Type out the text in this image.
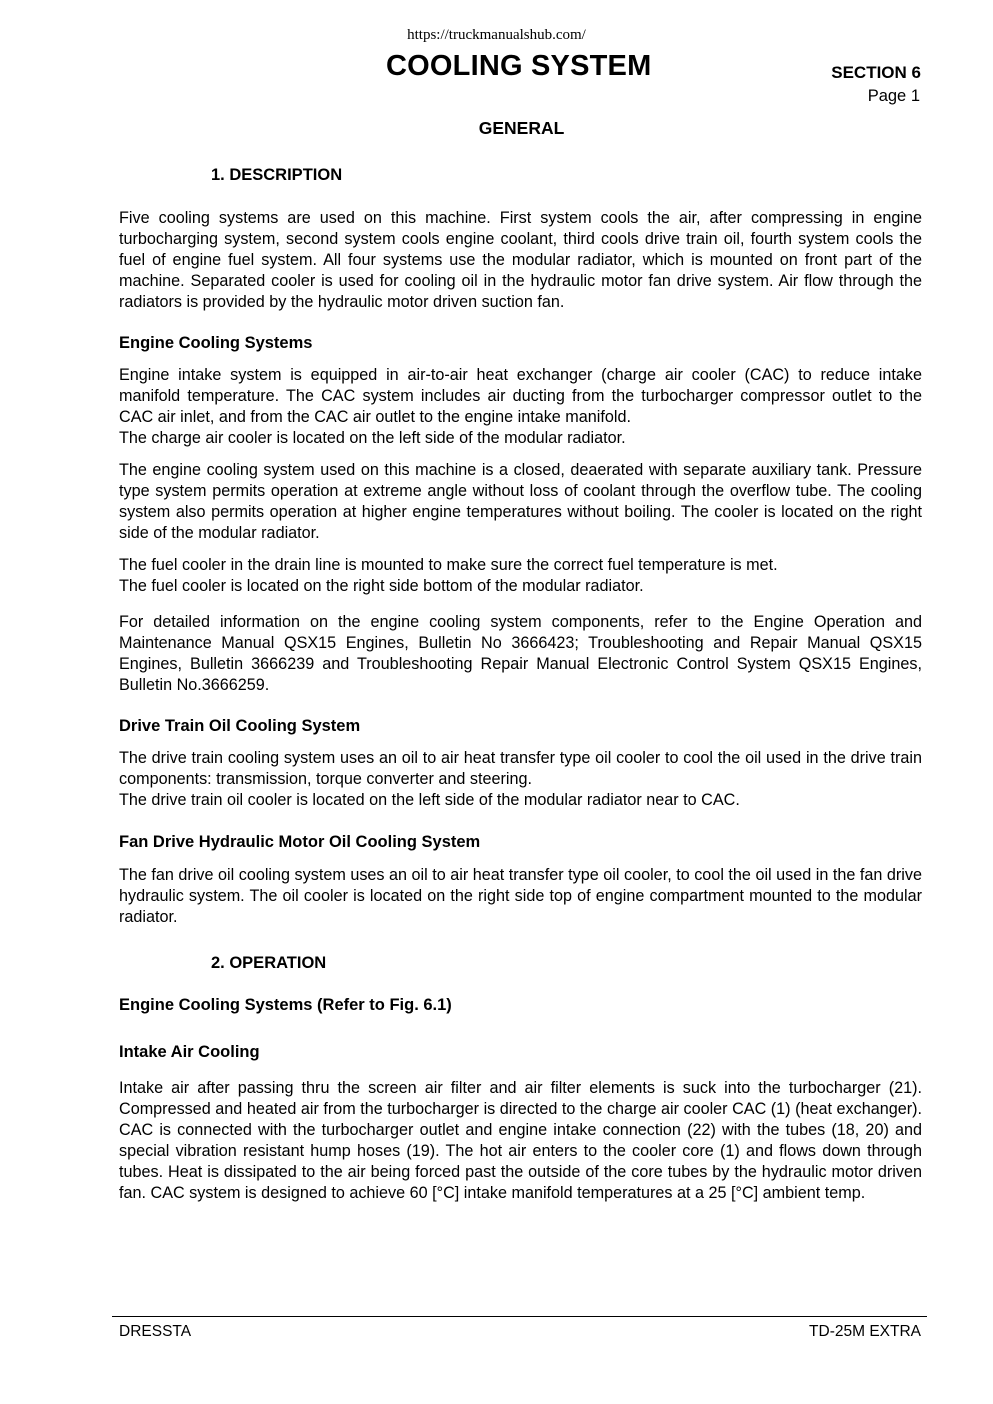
https://truckmanualshub.com/
COOLING SYSTEM	SECTION 6
Page 1
GENERAL
1. DESCRIPTION

Five cooling systems are used on this machine. First system cools the air, after compressing in engine turbocharging system, second system cools engine coolant, third cools drive train oil, fourth system cools the fuel of engine fuel system. All four systems use the modular radiator, which is mounted on front part of the machine. Separated cooler is used for cooling oil in the hydraulic motor fan drive system. Air flow through the radiators is provided by the hydraulic motor driven suction fan.

Engine Cooling Systems

Engine intake system is equipped in air-to-air heat exchanger (charge air cooler (CAC) to reduce intake manifold temperature. The CAC system includes air ducting from the turbocharger compressor outlet to the CAC air inlet, and from the CAC air outlet to the engine intake manifold.

The charge air cooler is located on the left side of the modular radiator.

The engine cooling system used on this machine is a closed, deaerated with separate auxiliary tank. Pressure type system permits operation at extreme angle without loss of coolant through the overflow tube. The cooling system also permits operation at higher engine temperatures without boiling. The cooler is located on the right side of the modular radiator.

The fuel cooler in the drain line is mounted to make sure the correct fuel temperature is met.

The fuel cooler is located on the right side bottom of the modular radiator.

For detailed information on the engine cooling system components, refer to the Engine Operation and Maintenance Manual QSX15 Engines, Bulletin No 3666423; Troubleshooting and Repair Manual QSX15 Engines, Bulletin 3666239 and Troubleshooting Repair Manual Electronic Control System QSX15 Engines, Bulletin No.3666259.

Drive Train Oil Cooling System

The drive train cooling system uses an oil to air heat transfer type oil cooler to cool the oil used in the drive train components: transmission, torque converter and steering.

The drive train oil cooler is located on the left side of the modular radiator near to CAC.

Fan Drive Hydraulic Motor Oil Cooling System

The fan drive oil cooling system uses an oil to air heat transfer type oil cooler, to cool the oil used in the fan drive hydraulic system. The oil cooler is located on the right side top of engine compartment mounted to the modular radiator.

2. OPERATION
Engine Cooling Systems (Refer to Fig. 6.1)
Intake Air Cooling

Intake air after passing thru the screen air filter and air filter elements is suck into the turbocharger (21). Compressed and heated air from the turbocharger is directed to the charge air cooler CAC (1) (heat exchanger). CAC is connected with the turbocharger outlet and engine intake connection (22) with the tubes (18, 20) and special vibration resistant hump hoses (19). The hot air enters to the cooler core (1) and flows down through tubes. Heat is dissipated to the air being forced past the outside of the core tubes by the hydraulic motor driven fan. CAC system is designed to achieve 60 [°C] intake manifold temperatures at a 25 [°C] ambient temp.

DRESSTA	TD-25M EXTRA
